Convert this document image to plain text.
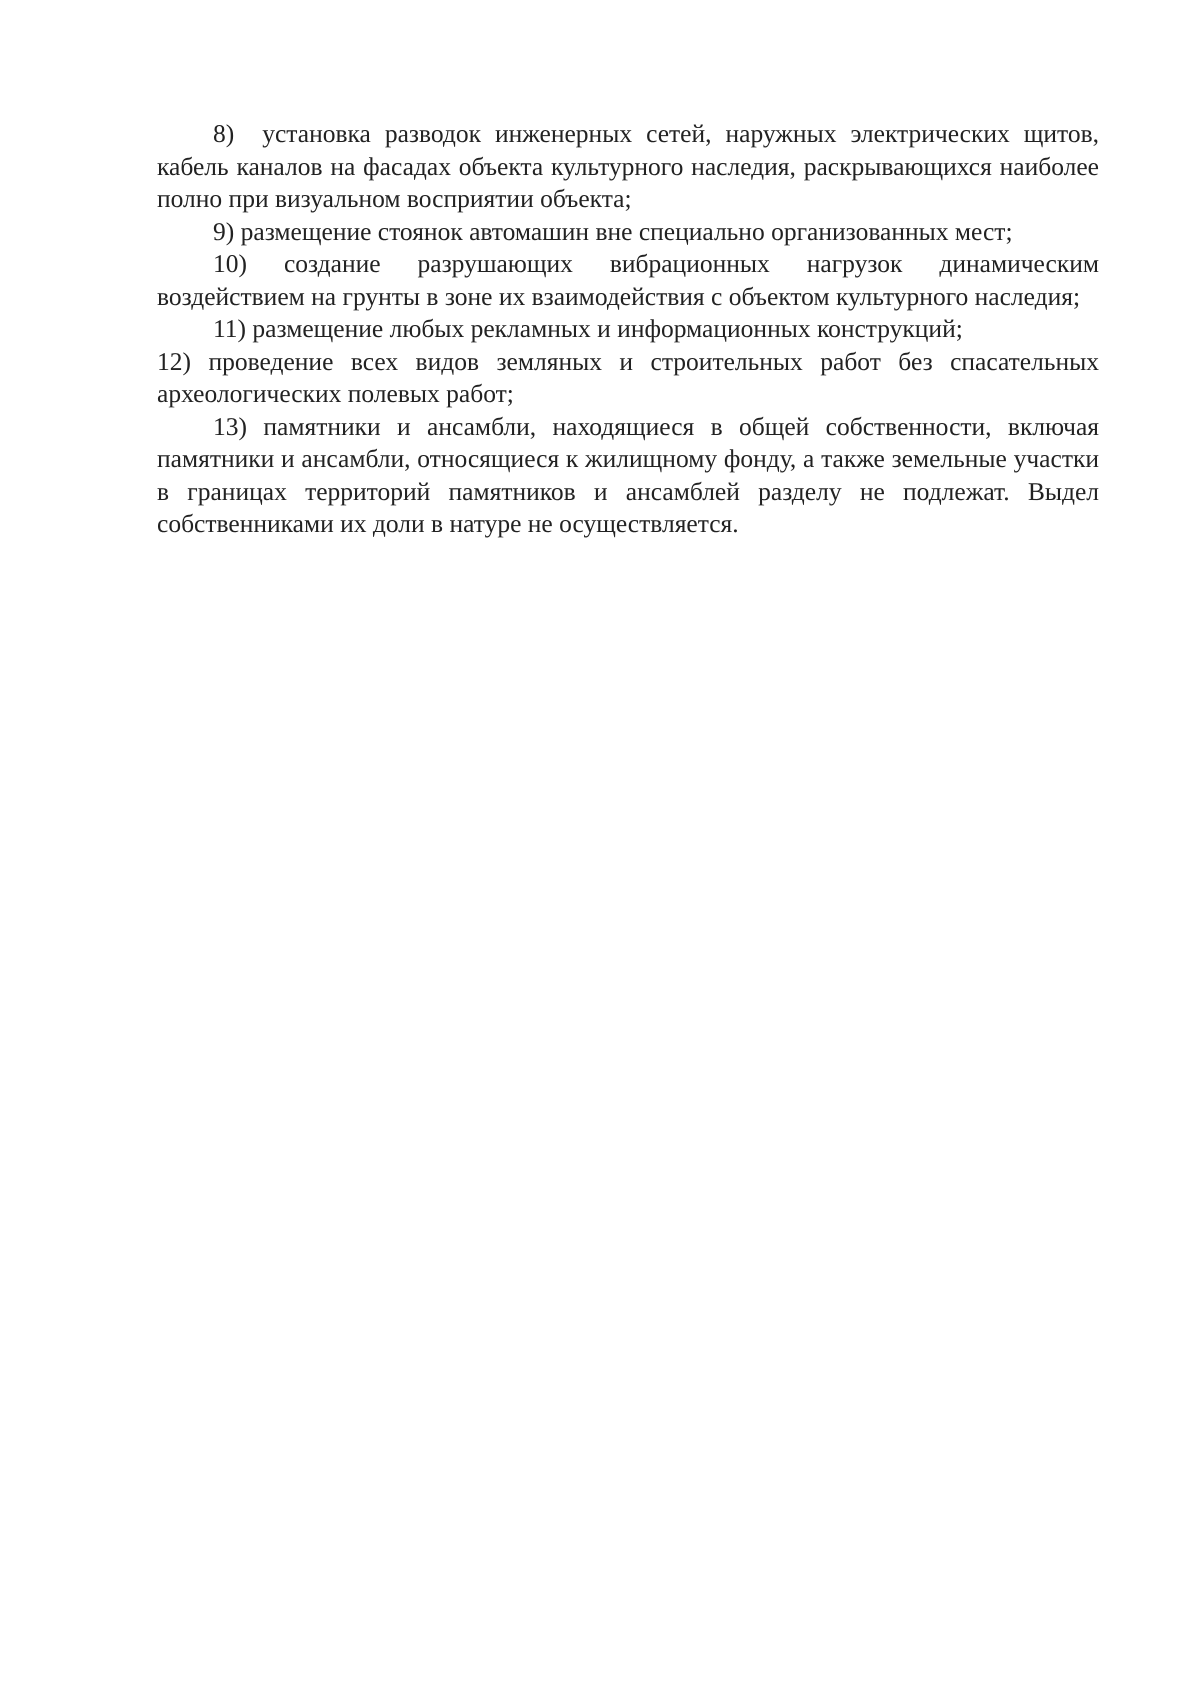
8) установка разводок инженерных сетей, наружных электрических щитов, кабель каналов на фасадах объекта культурного наследия, раскрывающихся наиболее полно при визуальном восприятии объекта;

9) размещение стоянок автомашин вне специально организованных мест;

10) создание разрушающих вибрационных нагрузок динамическим воздействием на грунты в зоне их взаимодействия с объектом культурного наследия;

11) размещение любых рекламных и информационных конструкций;

12) проведение всех видов земляных и строительных работ без спасательных археологических полевых работ;

13) памятники и ансамбли, находящиеся в общей собственности, включая памятники и ансамбли, относящиеся к жилищному фонду, а также земельные участки в границах территорий памятников и ансамблей разделу не подлежат. Выдел собственниками их доли в натуре не осуществляется.
